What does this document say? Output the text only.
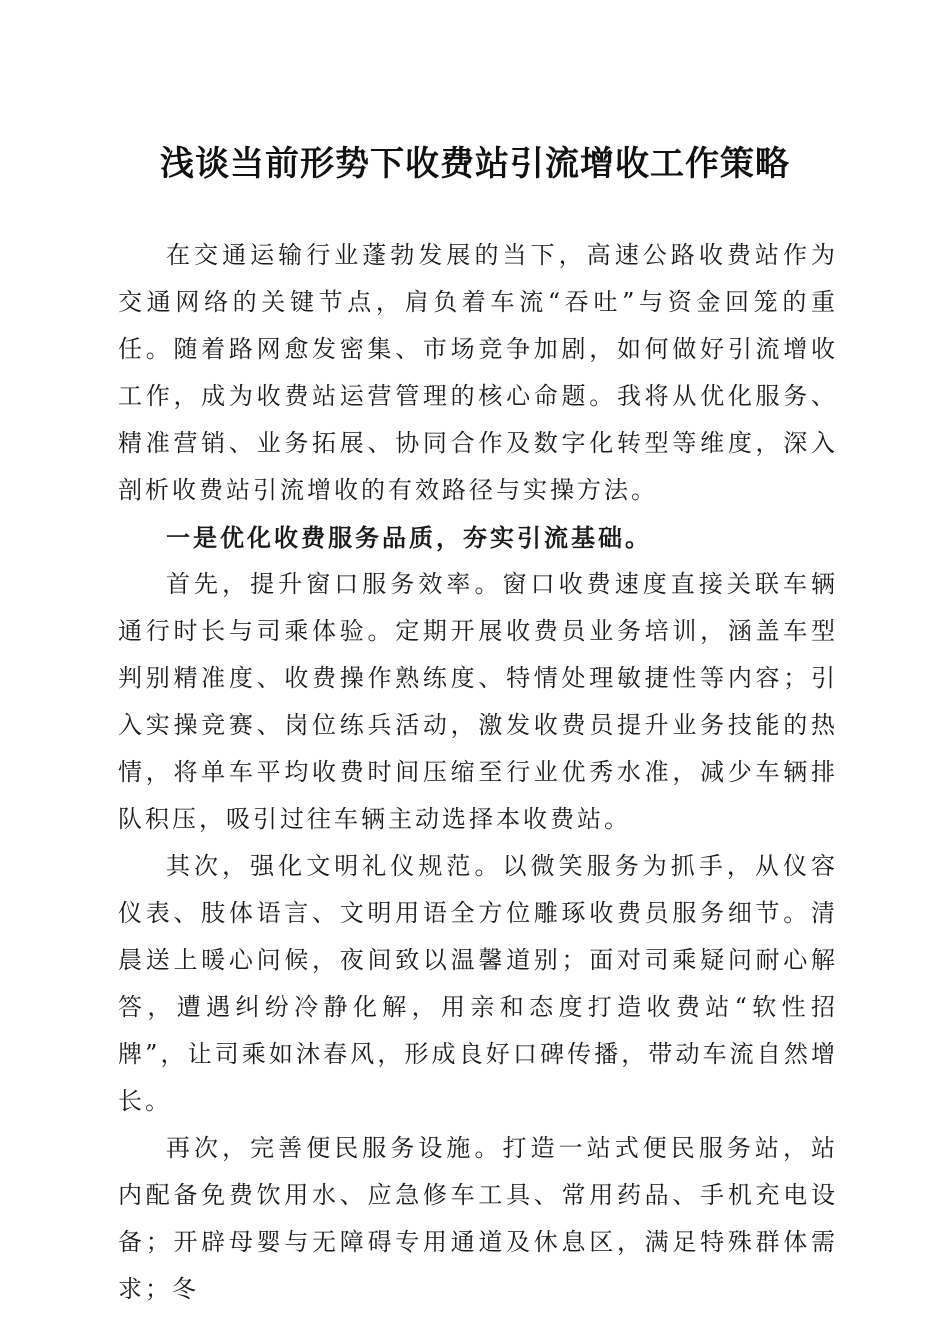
浅谈当前形势下收费站引流增收工作策略

在交通运输行业蓬勃发展的当下，高速公路收费站作为交通网络的关键节点，肩负着车流“吞吐”与资金回笼的重任。随着路网愈发密集、市场竞争加剧，如何做好引流增收工作，成为收费站运营管理的核心命题。我将从优化服务、精准营销、业务拓展、协同合作及数字化转型等维度，深入剖析收费站引流增收的有效路径与实操方法。

一是优化收费服务品质，夯实引流基础。

首先，提升窗口服务效率。窗口收费速度直接关联车辆通行时长与司乘体验。定期开展收费员业务培训，涵盖车型判别精准度、收费操作熟练度、特情处理敏捷性等内容；引入实操竞赛、岗位练兵活动，激发收费员提升业务技能的热情，将单车平均收费时间压缩至行业优秀水准，减少车辆排队积压，吸引过往车辆主动选择本收费站。

其次，强化文明礼仪规范。以微笑服务为抓手，从仪容仪表、肢体语言、文明用语全方位雕琢收费员服务细节。清晨送上暖心问候，夜间致以温馨道别；面对司乘疑问耐心解答，遭遇纠纷冷静化解，用亲和态度打造收费站“软性招牌”，让司乘如沐春风，形成良好口碑传播，带动车流自然增长。

再次，完善便民服务设施。打造一站式便民服务站，站内配备免费饮用水、应急修车工具、常用药品、手机充电设备；开辟母婴与无障碍专用通道及休息区，满足特殊群体需求；冬
